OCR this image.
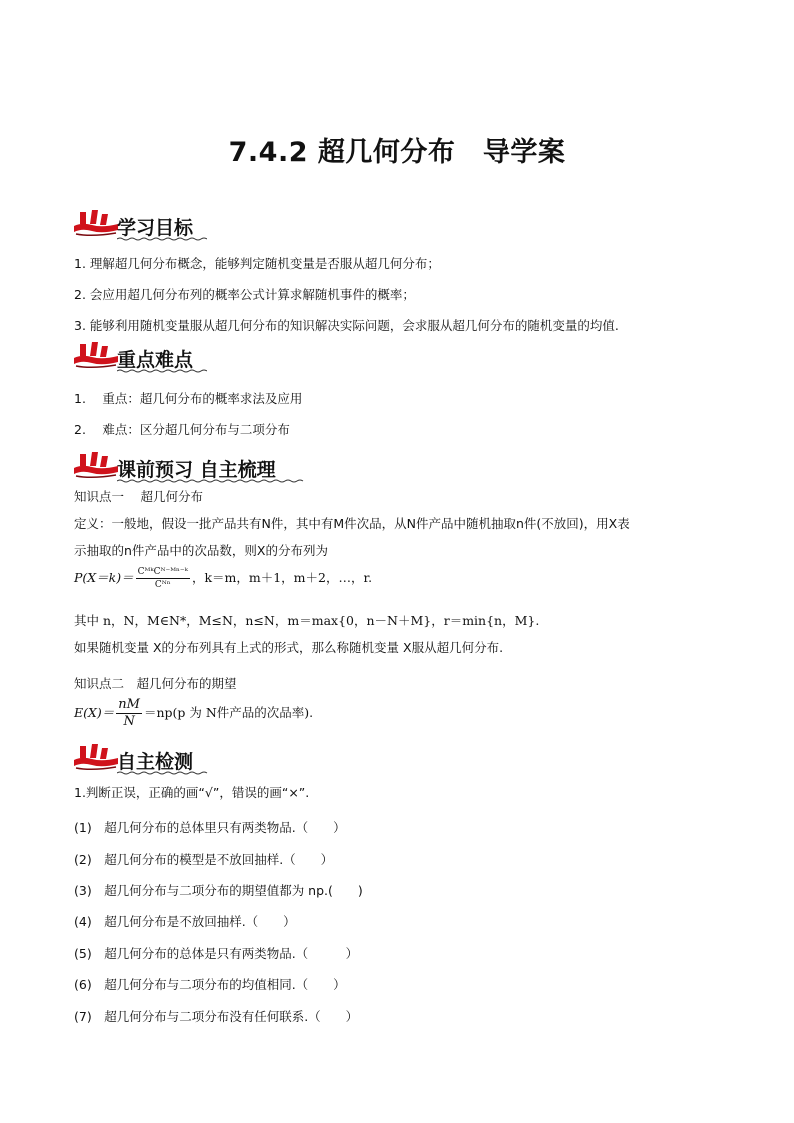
7.4.2 超几何分布　导学案
学习目标
1. 理解超几何分布概念，能够判定随机变量是否服从超几何分布；
2. 会应用超几何分布列的概率公式计算求解随机事件的概率；
3. 能够利用随机变量服从超几何分布的知识解决实际问题，会求服从超几何分布的随机变量的均值.
重点难点
1.　 重点：超几何分布的概率求法及应用
2.　 难点：区分超几何分布与二项分布
课前预习 自主梳理
知识点一　 超几何分布
定义：一般地，假设一批产品共有N件，其中有M件次品，从N件产品中随机抽取n件(不放回)，用X表
示抽取的n件产品中的次品数，则X的分布列为
$P(X=k)= \frac{\text{CᴹᵏCᴺ⁻ᴹⁿ⁻ᵏ}}{\text{Cᴺⁿ}}$ ，k＝m，m＋1，m＋2，…，r.
其中 n，N，M∈N*，M≤N，n≤N，m＝max{0，n－N＋M}，r＝min{n，M}.
如果随机变量 X的分布列具有上式的形式，那么称随机变量 X服从超几何分布.
知识点二　超几何分布的期望
$E(X)= \frac{nM}{N} =np(p$ 为 N件产品的次品率).
自主检测
1.判断正误，正确的画“√”，错误的画“×”.
(1)　超几何分布的总体里只有两类物品.（　　）
(2)　超几何分布的模型是不放回抽样.（　　）
(3)　超几何分布与二项分布的期望值都为 np.(　　)
(4)　超几何分布是不放回抽样.（　　）
(5)　超几何分布的总体是只有两类物品.（　　　）
(6)　超几何分布与二项分布的均值相同.（　　）
(7)　超几何分布与二项分布没有任何联系.（　　）
